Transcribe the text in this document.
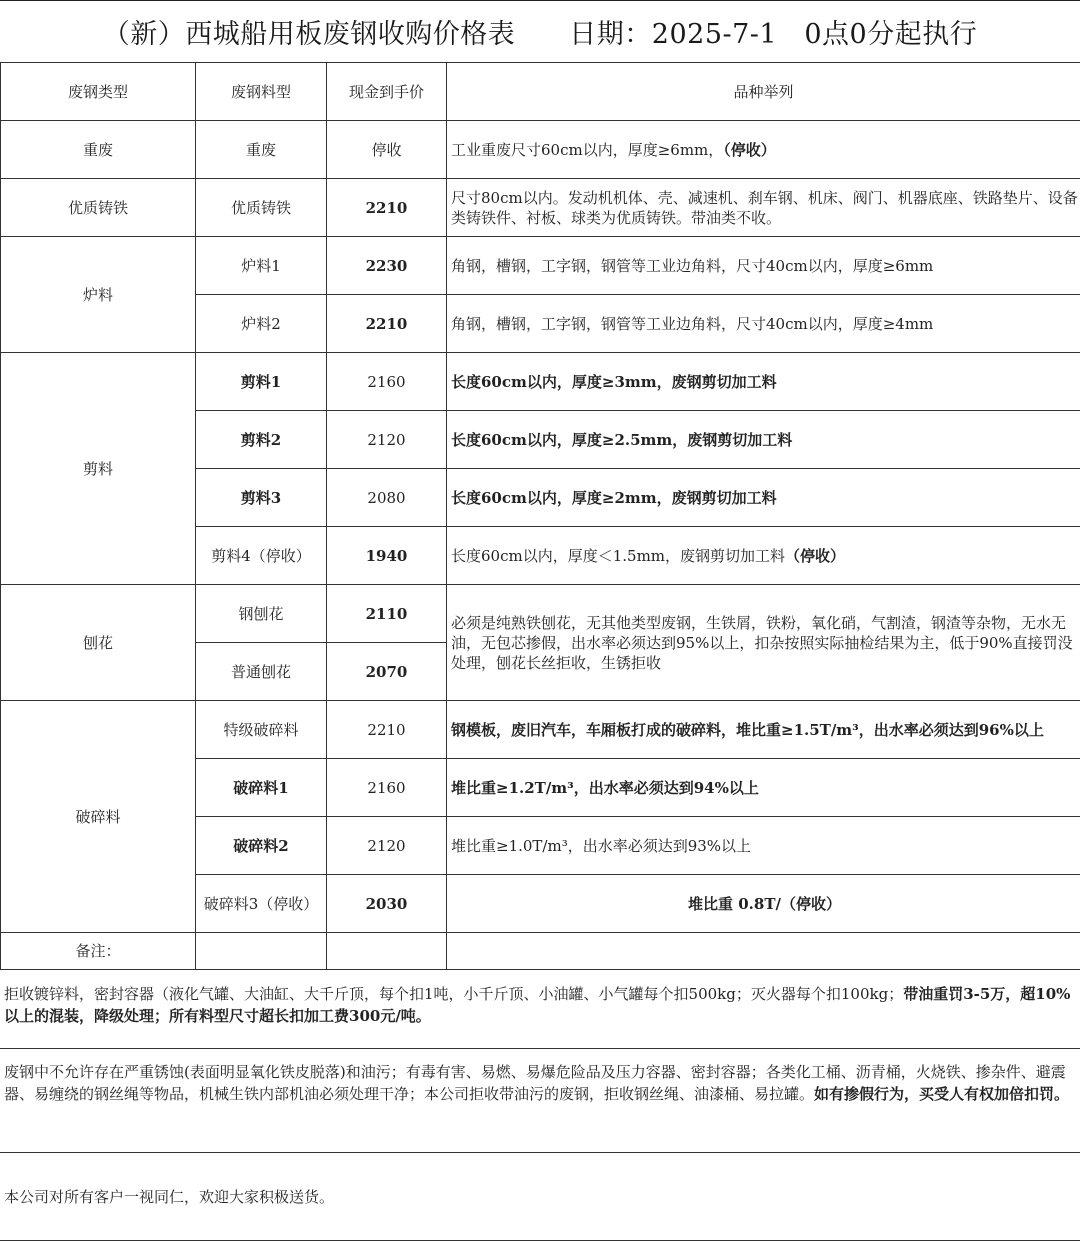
（新）西城船用板废钢收购价格表 日期：2025-7-1   0点0分起执行
废钢类型	废钢料型	现金到手价	品种举列
重废	重废	停收	工业重废尺寸60cm以内，厚度≥6mm，（停收）
优质铸铁	优质铸铁	2210	尺寸80cm以内。发动机机体、壳、减速机、刹车钢、机床、阀门、机器底座、铁路垫片、设备类铸铁件、衬板、球类为优质铸铁。带油类不收。
炉料	炉料1	2230	角钢，槽钢，工字钢，钢管等工业边角料，尺寸40cm以内，厚度≥6mm
	炉料2	2210	角钢，槽钢，工字钢，钢管等工业边角料，尺寸40cm以内，厚度≥4mm
剪料	剪料1	2160	长度60cm以内，厚度≥3mm，废钢剪切加工料
	剪料2	2120	长度60cm以内，厚度≥2.5mm，废钢剪切加工料
	剪料3	2080	长度60cm以内，厚度≥2mm，废钢剪切加工料
	剪料4（停收）	1940	长度60cm以内，厚度＜1.5mm，废钢剪切加工料（停收）
刨花	钢刨花	2110	必须是纯熟铁刨花，无其他类型废钢，生铁屑，铁粉，氧化硝，气割渣，钢渣等杂物，无水无油，无包芯掺假，出水率必须达到95%以上，扣杂按照实际抽检结果为主，低于90%直接罚没处理，刨花长丝拒收，生锈拒收
	普通刨花	2070	
破碎料	特级破碎料	2210	钢模板，废旧汽车，车厢板打成的破碎料，堆比重≥1.5T/m³，出水率必须达到96%以上
	破碎料1	2160	堆比重≥1.2T/m³，出水率必须达到94%以上
	破碎料2	2120	堆比重≥1.0T/m³，出水率必须达到93%以上
	破碎料3（停收）	2030	堆比重 0.8T/（停收）
备注：			
拒收镀锌料，密封容器（液化气罐、大油缸、大千斤顶，每个扣1吨，小千斤顶、小油罐、小气罐每个扣500kg；灭火器每个扣100kg；带油重罚3-5万，超10%以上的混装，降级处理；所有料型尺寸超长扣加工费300元/吨。
废钢中不允许存在严重锈蚀(表面明显氧化铁皮脱落)和油污；有毒有害、易燃、易爆危险品及压力容器、密封容器；各类化工桶、沥青桶，火烧铁、掺杂件、避震器、易缠绕的钢丝绳等物品，机械生铁内部机油必须处理干净；本公司拒收带油污的废钢，拒收钢丝绳、油漆桶、易拉罐。如有掺假行为，买受人有权加倍扣罚。
本公司对所有客户一视同仁，欢迎大家积极送货。
